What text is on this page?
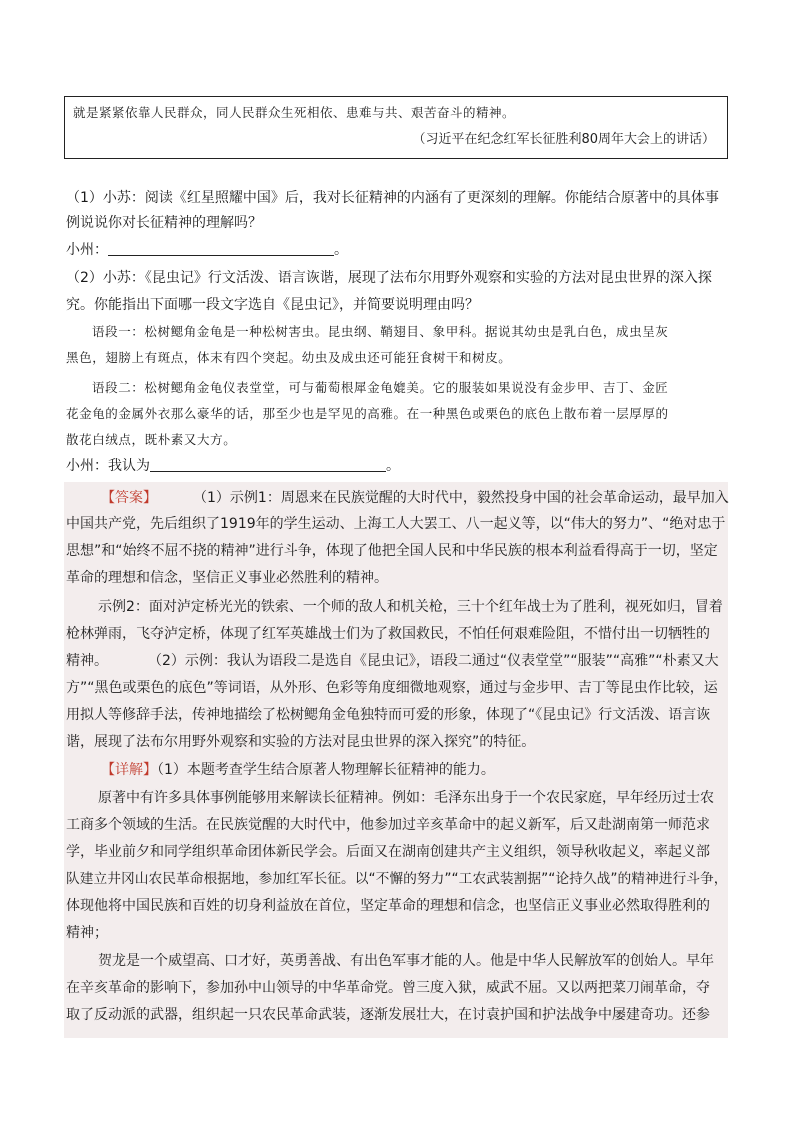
就是紧紧依靠人民群众，同人民群众生死相依、患难与共、艰苦奋斗的精神。
（习近平在纪念红军长征胜利80周年大会上的讲话）
（1）小苏：阅读《红星照耀中国》后，我对长征精神的内涵有了更深刻的理解。你能结合原著中的具体事
例说说你对长征精神的理解吗？
小州：	。
（2）小苏：《昆虫记》行文活泼、语言诙谐，展现了法布尔用野外观察和实验的方法对昆虫世界的深入探
究。你能指出下面哪一段文字选自《昆虫记》，并简要说明理由吗？
语段一：松树鳃角金龟是一种松树害虫。昆虫纲、鞘翅目、象甲科。据说其幼虫是乳白色，成虫呈灰
黑色，翅膀上有斑点，体末有四个突起。幼虫及成虫还可能狂食树干和树皮。
语段二：松树鳃角金龟仪表堂堂，可与葡萄根犀金龟媲美。它的服装如果说没有金步甲、吉丁、金匠
花金龟的金属外衣那么豪华的话，那至少也是罕见的高雅。在一种黑色或栗色的底色上散布着一层厚厚的
散花白绒点，既朴素又大方。
小州：我认为	。
【答案】	（1）示例1：周恩来在民族觉醒的大时代中，毅然投身中国的社会革命运动，最早加入
中国共产党，先后组织了1919年的学生运动、上海工人大罢工、八一起义等，以“伟大的努力”、“绝对忠于
思想”和“始终不屈不挠的精神”进行斗争，体现了他把全国人民和中华民族的根本利益看得高于一切，坚定
革命的理想和信念，坚信正义事业必然胜利的精神。
示例2：面对泸定桥光光的铁索、一个师的敌人和机关枪，三十个红年战士为了胜利，视死如归，冒着
枪林弹雨，飞夺泸定桥，体现了红军英雄战士们为了救国救民，不怕任何艰难险阻，不惜付出一切牺牲的
精神。	（2）示例：我认为语段二是选自《昆虫记》，语段二通过“仪表堂堂”“服装”“高雅”“朴素又大
方”“黑色或栗色的底色”等词语，从外形、色彩等角度细微地观察，通过与金步甲、吉丁等昆虫作比较，运
用拟人等修辞手法，传神地描绘了松树鳃角金龟独特而可爱的形象，体现了“《昆虫记》行文活泼、语言诙
谐，展现了法布尔用野外观察和实验的方法对昆虫世界的深入探究”的特征。
【详解】（1）本题考查学生结合原著人物理解长征精神的能力。
原著中有许多具体事例能够用来解读长征精神。例如：毛泽东出身于一个农民家庭，早年经历过士农
工商多个领域的生活。在民族觉醒的大时代中，他参加过辛亥革命中的起义新军，后又赴湖南第一师范求
学，毕业前夕和同学组织革命团体新民学会。后面又在湖南创建共产主义组织，领导秋收起义，率起义部
队建立井冈山农民革命根据地，参加红军长征。以“不懈的努力”“工农武装割据”“论持久战”的精神进行斗争，
体现他将中国民族和百姓的切身利益放在首位，坚定革命的理想和信念，也坚信正义事业必然取得胜利的
精神；
贺龙是一个威望高、口才好，英勇善战、有出色军事才能的人。他是中华人民解放军的创始人。早年
在辛亥革命的影响下，参加孙中山领导的中华革命党。曾三度入狱，威武不屈。又以两把菜刀闹革命，夺
取了反动派的武器，组织起一只农民革命武装，逐渐发展壮大，在讨袁护国和护法战争中屡建奇功。还参
